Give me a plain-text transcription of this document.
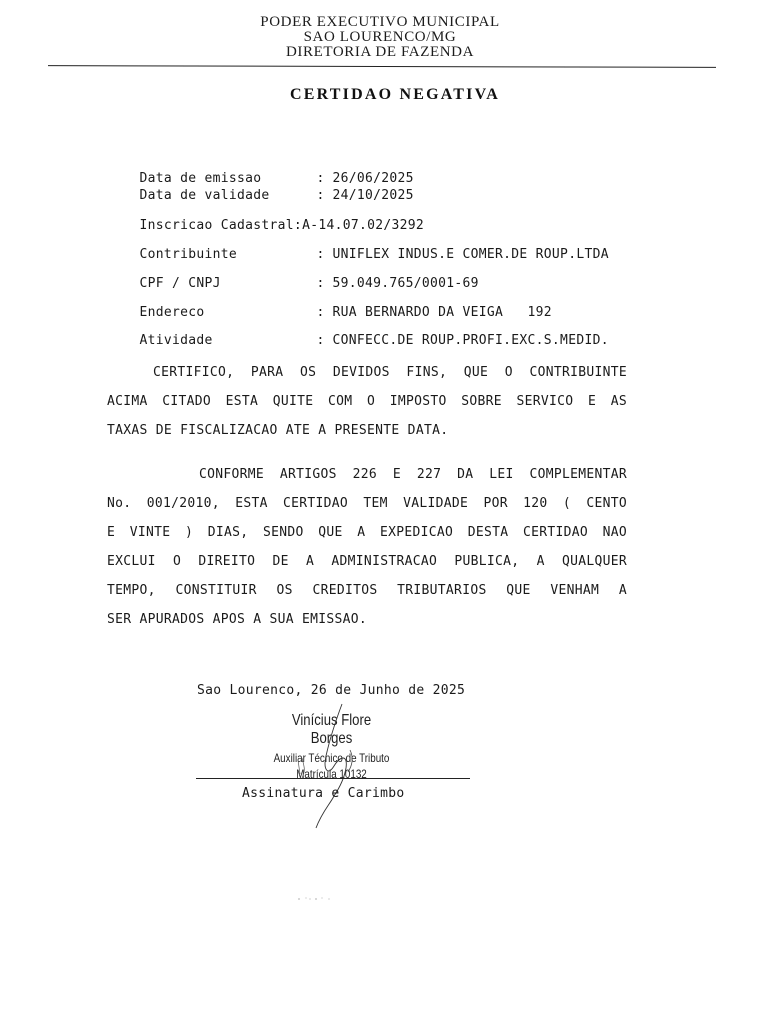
PODER EXECUTIVO MUNICIPAL
SAO LOURENCO/MG
DIRETORIA DE FAZENDA
CERTIDAO NEGATIVA

Data de emissao	: 26/06/2025

Data de validade	: 24/10/2025

Inscricao Cadastral:A-14.07.02/3292

Contribuinte	: UNIFLEX INDUS.E COMER.DE ROUP.LTDA

CPF / CNPJ	: 59.049.765/0001-69

Endereco	: RUA BERNARDO DA VEIGA   192

Atividade	: CONFECC.DE ROUP.PROFI.EXC.S.MEDID.

CERTIFICO, PARA OS DEVIDOS FINS, QUE O CONTRIBUINTE
ACIMA CITADO ESTA QUITE COM O IMPOSTO SOBRE SERVICO E AS
TAXAS DE FISCALIZACAO ATE A PRESENTE DATA.
CONFORME ARTIGOS 226 E 227 DA LEI COMPLEMENTAR
No. 001/2010, ESTA CERTIDAO TEM VALIDADE POR 120 ( CENTO
E VINTE ) DIAS, SENDO QUE A EXPEDICAO DESTA CERTIDAO NAO
EXCLUI O DIREITO DE A ADMINISTRACAO PUBLICA, A QUALQUER
TEMPO, CONSTITUIR OS CREDITOS TRIBUTARIOS QUE VENHAM A
SER APURADOS APOS A SUA EMISSAO.
Sao Lourenco, 26 de Junho de 2025
Vinícius Flore Borges
Auxiliar Técnico de Tributo
Matrícula 10132
Assinatura e Carimbo
